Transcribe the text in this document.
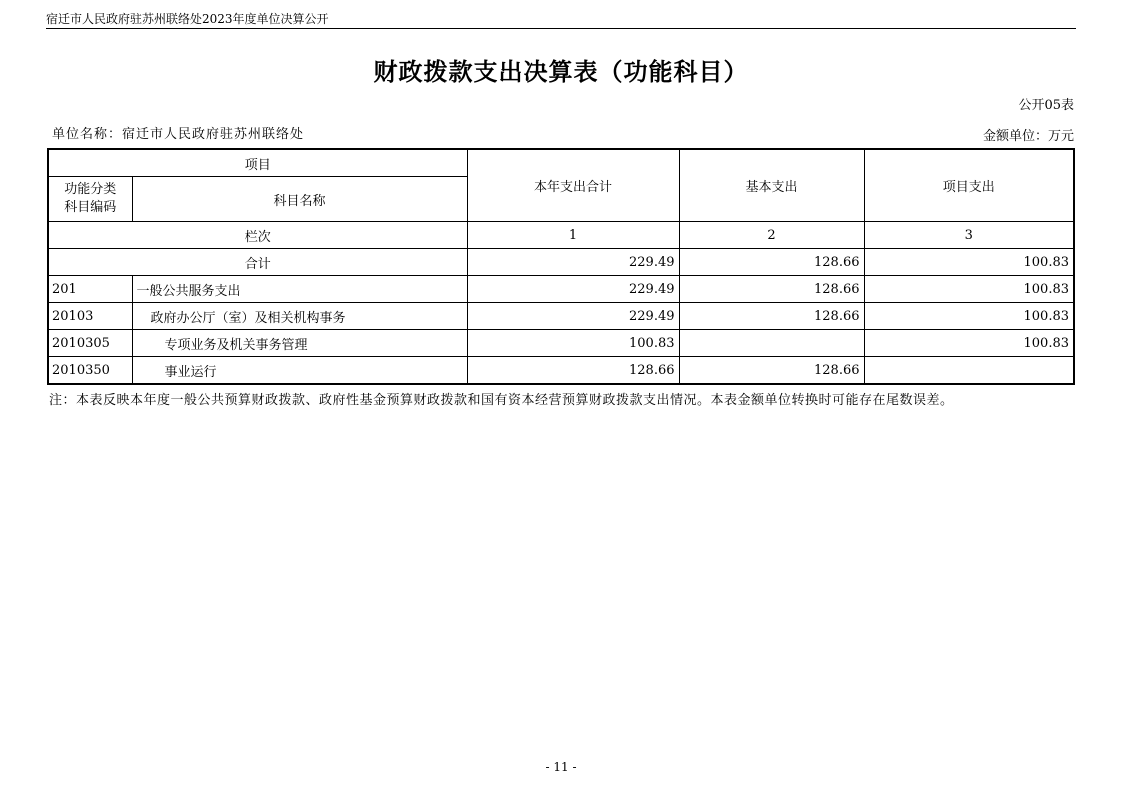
宿迁市人民政府驻苏州联络处2023年度单位决算公开
财政拨款支出决算表（功能科目）
公开05表
单位名称：宿迁市人民政府驻苏州联络处	金额单位：万元
项目		本年支出合计	基本支出	项目支出

功能分类
科目编码	科目名称			
栏次		1	2	3
合计		229.49	128.66	100.83
201	一般公共服务支出	229.49	128.66	100.83
20103	政府办公厅（室）及相关机构事务	229.49	128.66	100.83
2010305	专项业务及机关事务管理	100.83		100.83
2010350	事业运行	128.66	128.66	
注：本表反映本年度一般公共预算财政拨款、政府性基金预算财政拨款和国有资本经营预算财政拨款支出情况。本表金额单位转换时可能存在尾数误差。
- 11 -
